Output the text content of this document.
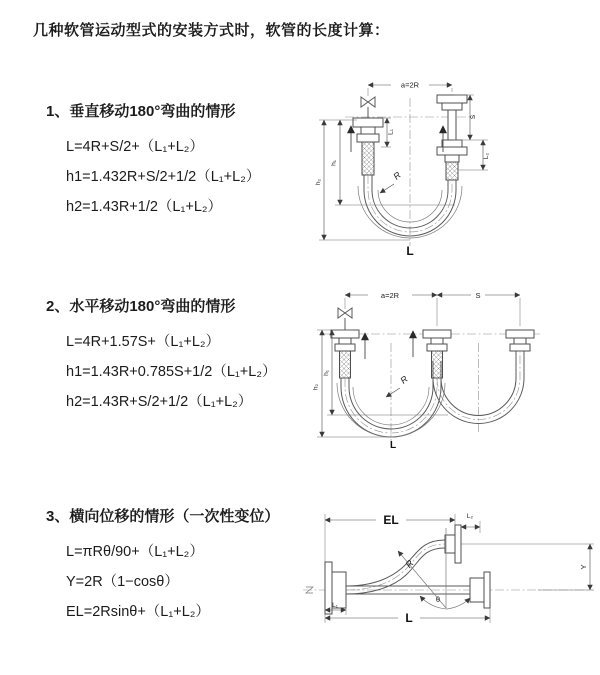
几种软管运动型式的安装方式时，软管的长度计算：
1、垂直移动180°弯曲的情形
L=4R+S/2+（L₁+L₂）
h1=1.432R+S/2+1/2（L₁+L₂）
h2=1.43R+1/2（L₁+L₂）
a=2R
h₁
h₂
L₁
S
L₂
R
L
2、水平移动180°弯曲的情形
L=4R+1.57S+（L₁+L₂）
h1=1.43R+0.785S+1/2（L₁+L₂）
h2=1.43R+S/2+1/2（L₁+L₂）
a=2R	S
h₁
h₂
R
L
3、横向位移的情形（一次性变位）
L=πRθ/90+（L₁+L₂）
Y=2R（1−cosθ）
EL=2Rsinθ+（L₁+L₂）
EL	L₂
Y
R
θ
L₁
L
